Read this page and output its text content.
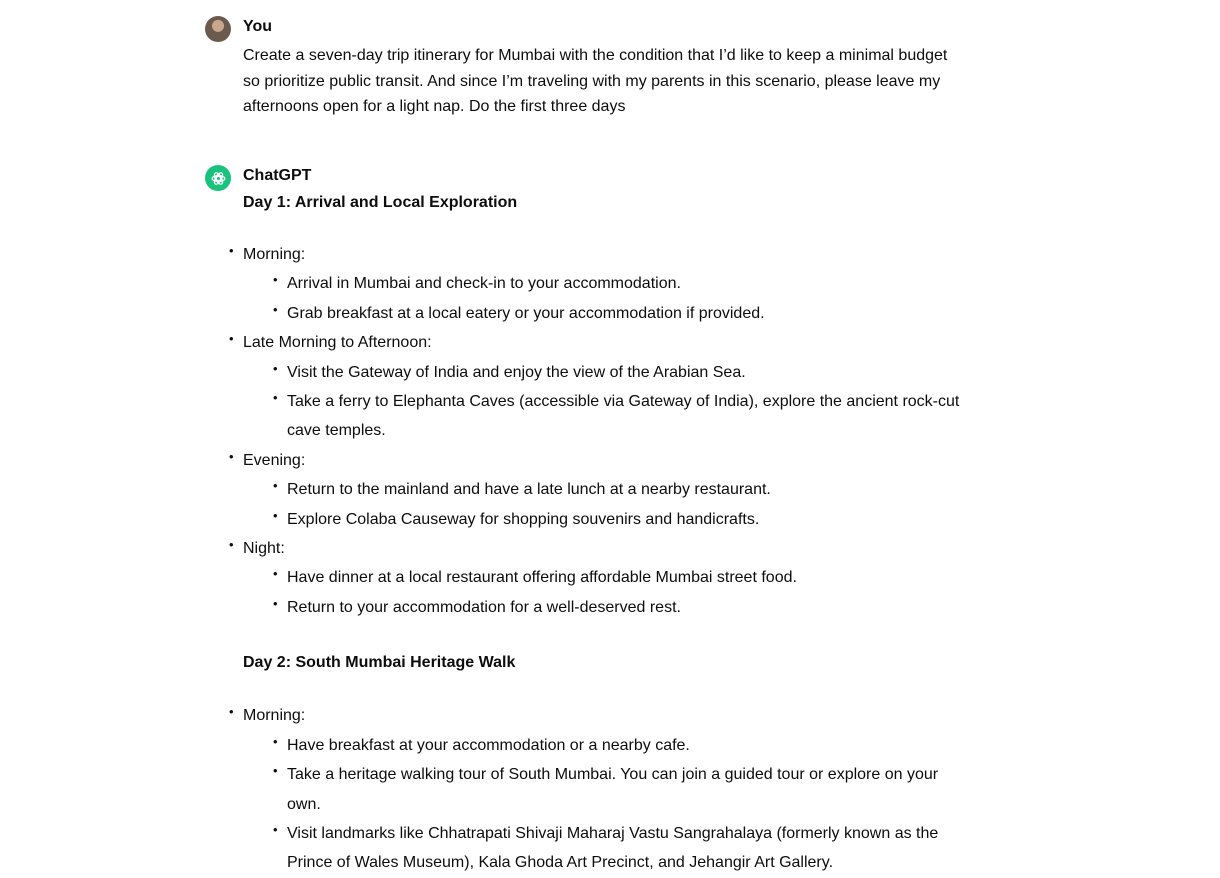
You

Create a seven-day trip itinerary for Mumbai with the condition that I’d like to keep a minimal budget so prioritize public transit. And since I’m traveling with my parents in this scenario, please leave my afternoons open for a light nap. Do the first three days

ChatGPT

Day 1: Arrival and Local Exploration

• Morning:
• Arrival in Mumbai and check-in to your accommodation.
• Grab breakfast at a local eatery or your accommodation if provided.
• Late Morning to Afternoon:
• Visit the Gateway of India and enjoy the view of the Arabian Sea.
• Take a ferry to Elephanta Caves (accessible via Gateway of India), explore the ancient rock-cut cave temples.
• Evening:
• Return to the mainland and have a late lunch at a nearby restaurant.
• Explore Colaba Causeway for shopping souvenirs and handicrafts.
• Night:
• Have dinner at a local restaurant offering affordable Mumbai street food.
• Return to your accommodation for a well-deserved rest.

Day 2: South Mumbai Heritage Walk

• Morning:
• Have breakfast at your accommodation or a nearby cafe.
• Take a heritage walking tour of South Mumbai. You can join a guided tour or explore on your own.
• Visit landmarks like Chhatrapati Shivaji Maharaj Vastu Sangrahalaya (formerly known as the Prince of Wales Museum), Kala Ghoda Art Precinct, and Jehangir Art Gallery.
